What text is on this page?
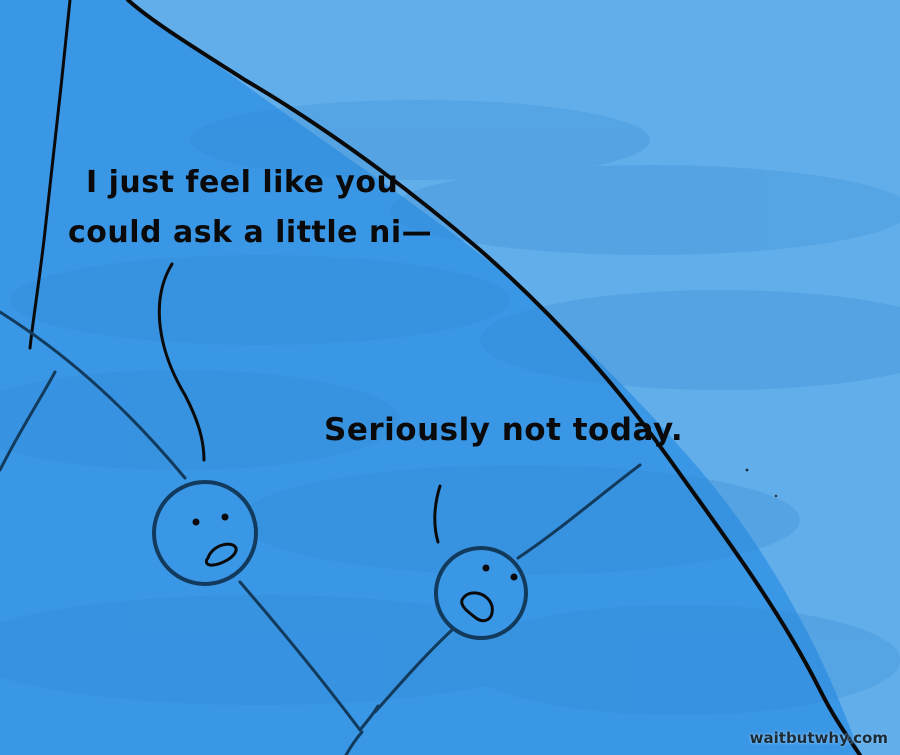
I just feel like you
could ask a little ni—
Seriously not today.
waitbutwhy.com
